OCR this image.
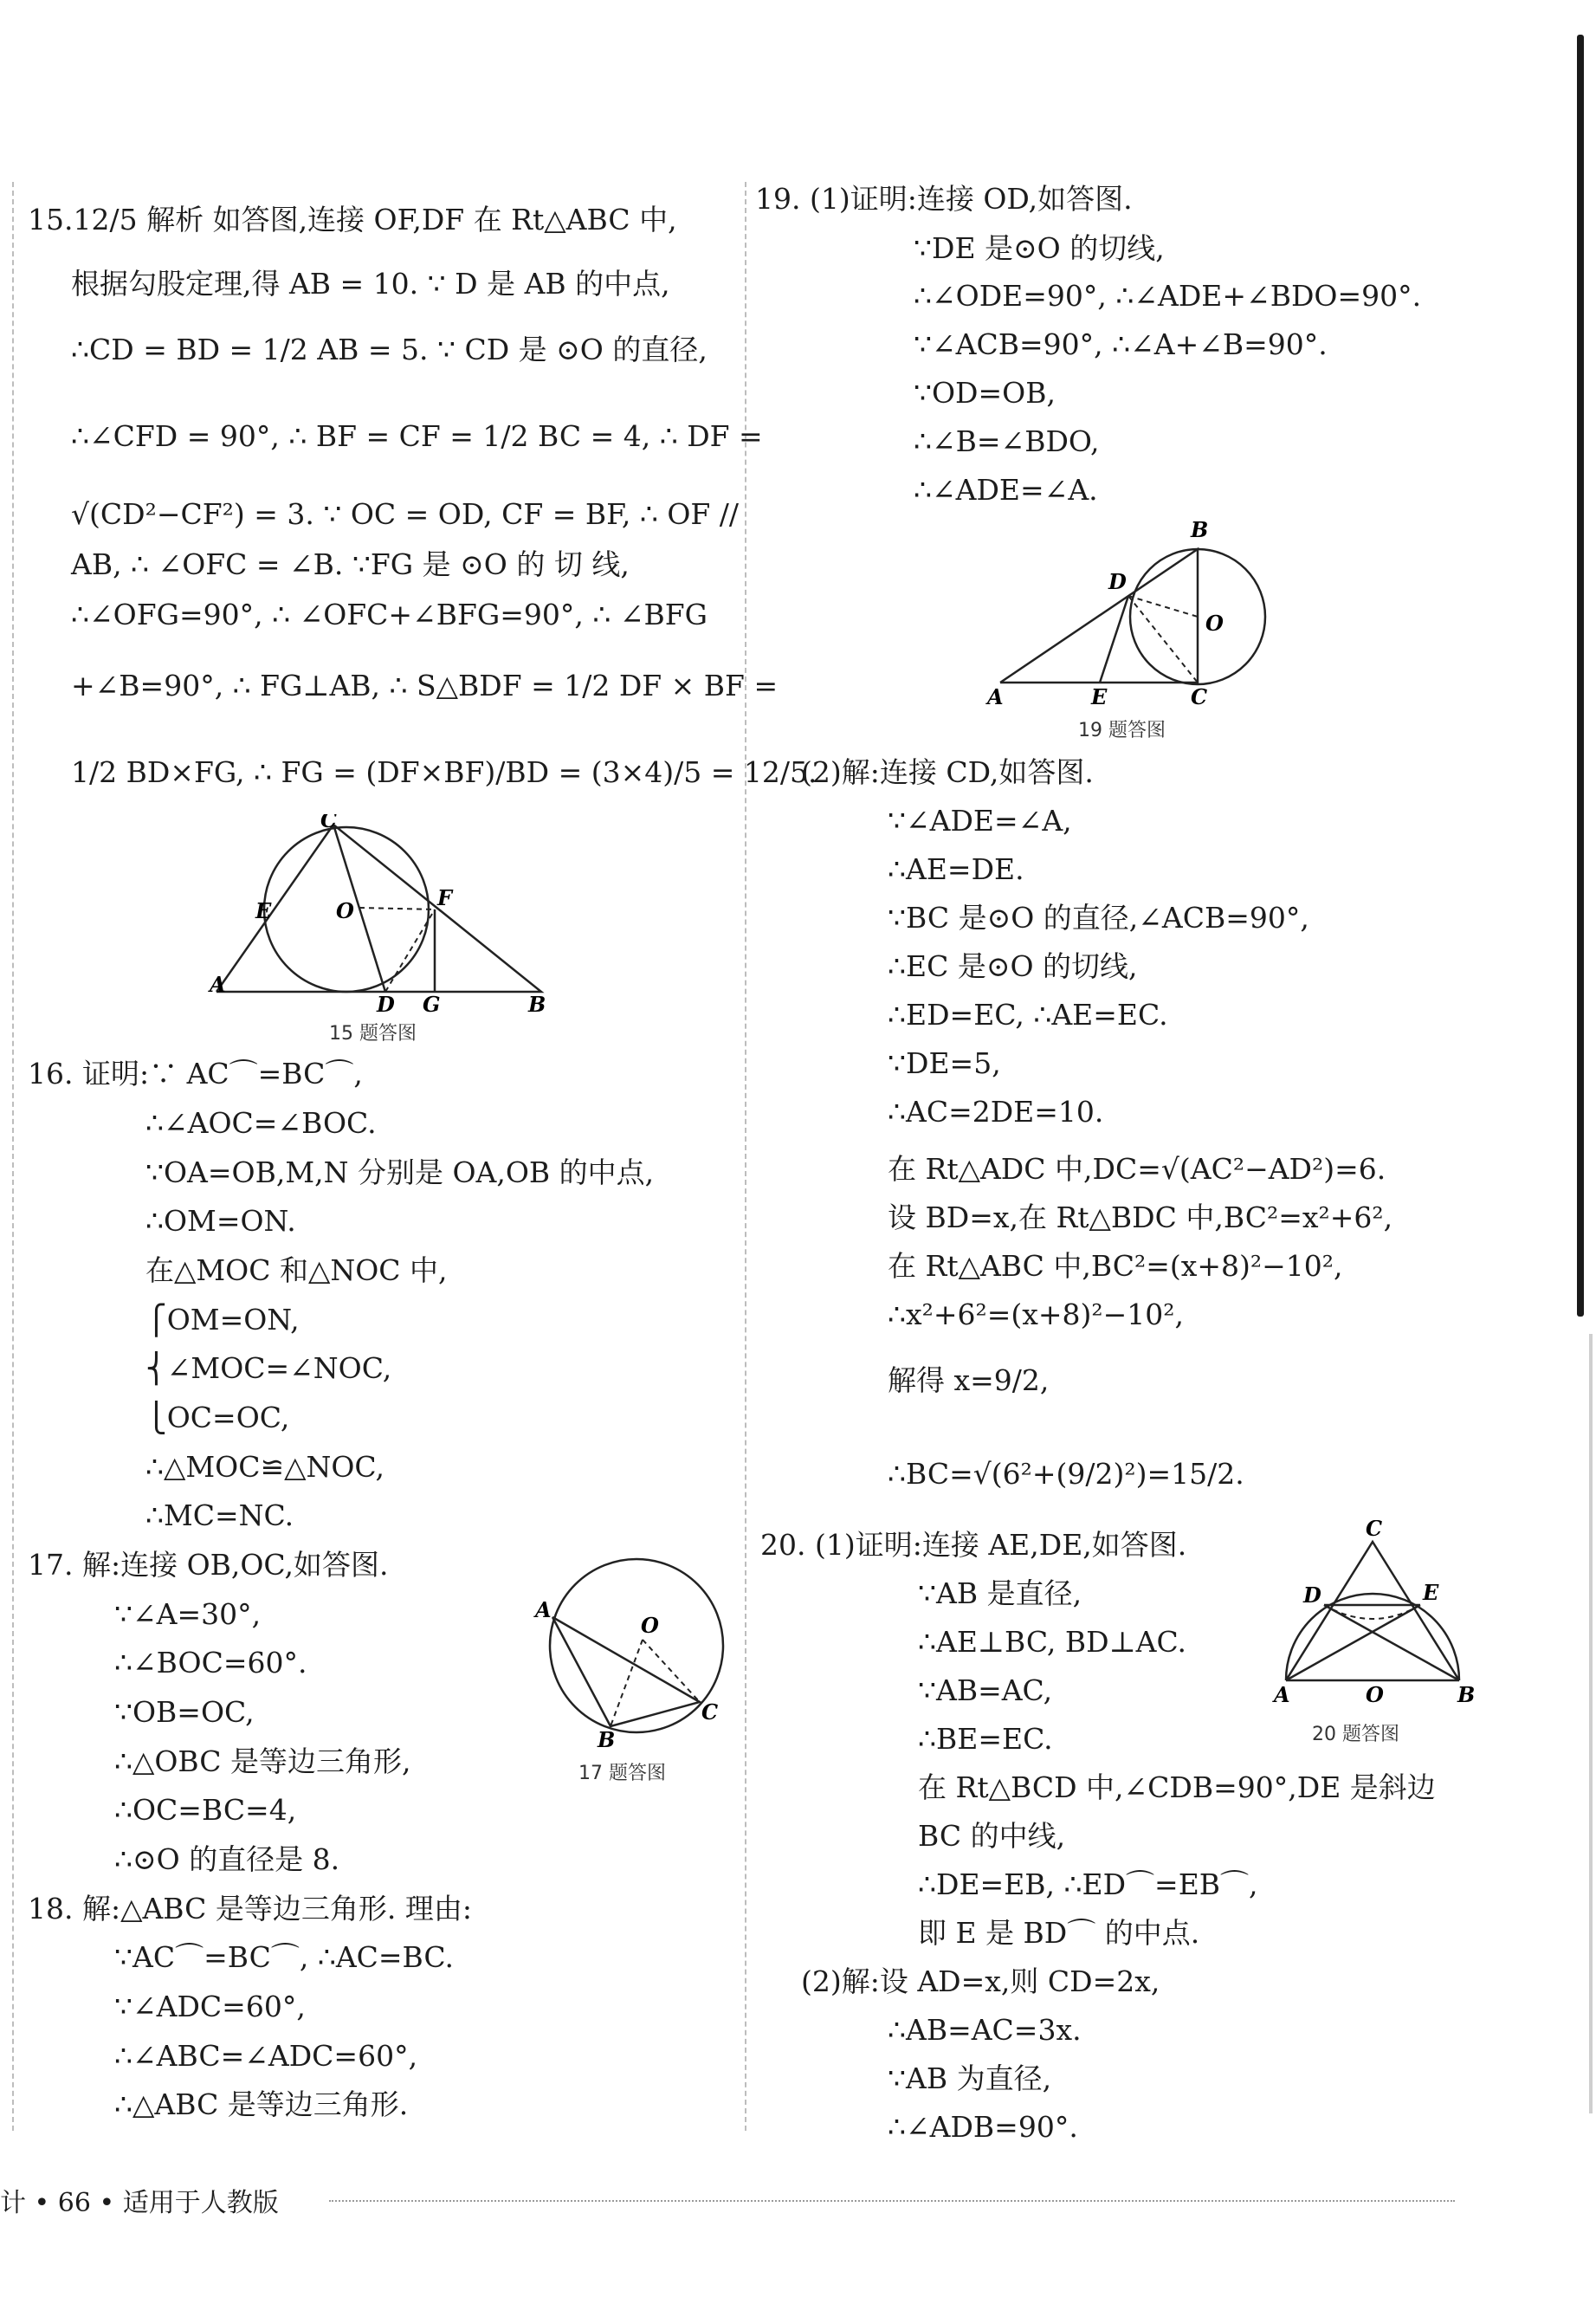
15.12/5 解析 如答图,连接 OF,DF 在 Rt△ABC 中,
根据勾股定理,得 AB = 10. ∵ D 是 AB 的中点,
∴CD = BD = 1/2 AB = 5. ∵ CD 是 ⊙O 的直径,
∴∠CFD = 90°, ∴ BF = CF = 1/2 BC = 4, ∴ DF =
√(CD²−CF²) = 3. ∵ OC = OD, CF = BF, ∴ OF //
AB, ∴ ∠OFC = ∠B. ∵FG 是 ⊙O 的 切 线,
∴∠OFG=90°, ∴ ∠OFC+∠BFG=90°, ∴ ∠BFG
+∠B=90°, ∴ FG⊥AB, ∴ S△BDF = 1/2 DF × BF =
1/2 BD×FG, ∴ FG = (DF×BF)/BD = (3×4)/5 = 12/5.
C
E	O
F
A
D G	B
15 题答图
16. 证明:∵ AC⌒=BC⌒,
∴∠AOC=∠BOC.
∵OA=OB,M,N 分别是 OA,OB 的中点,
∴OM=ON.
在△MOC 和△NOC 中,
⎧OM=ON,
⎨∠MOC=∠NOC,
⎩OC=OC,
∴△MOC≌△NOC,
∴MC=NC.
17. 解:连接 OB,OC,如答图.
∵∠A=30°,
∴∠BOC=60°.
∵OB=OC,
∴△OBC 是等边三角形,
∴OC=BC=4,
∴⊙O 的直径是 8.
A
O
B
C
17 题答图
18. 解:△ABC 是等边三角形. 理由:
∵AC⌒=BC⌒, ∴AC=BC.
∵∠ADC=60°,
∴∠ABC=∠ADC=60°,
∴△ABC 是等边三角形.
19. (1)证明:连接 OD,如答图.
∵DE 是⊙O 的切线,
∴∠ODE=90°, ∴∠ADE+∠BDO=90°.
∵∠ACB=90°, ∴∠A+∠B=90°.
∵OD=OB,
∴∠B=∠BDO,
∴∠ADE=∠A.
B
D
O
A	E	C
19 题答图
(2)解:连接 CD,如答图.
∵∠ADE=∠A,
∴AE=DE.
∵BC 是⊙O 的直径,∠ACB=90°,
∴EC 是⊙O 的切线,
∴ED=EC, ∴AE=EC.
∵DE=5,
∴AC=2DE=10.
在 Rt△ADC 中,DC=√(AC²−AD²)=6.
设 BD=x,在 Rt△BDC 中,BC²=x²+6²,
在 Rt△ABC 中,BC²=(x+8)²−10²,
∴x²+6²=(x+8)²−10²,
解得 x=9/2,
∴BC=√(6²+(9/2)²)=15/2.
20. (1)证明:连接 AE,DE,如答图.
∵AB 是直径,
∴AE⊥BC, BD⊥AC.
∵AB=AC,
∴BE=EC.
C
D	E
A	O	B
20 题答图
在 Rt△BCD 中,∠CDB=90°,DE 是斜边
BC 的中线,
∴DE=EB, ∴ED⌒=EB⌒,
即 E 是 BD⌒ 的中点.
(2)解:设 AD=x,则 CD=2x,
∴AB=AC=3x.
∵AB 为直径,
∴∠ADB=90°.
计 • 66 • 适用于人教版
